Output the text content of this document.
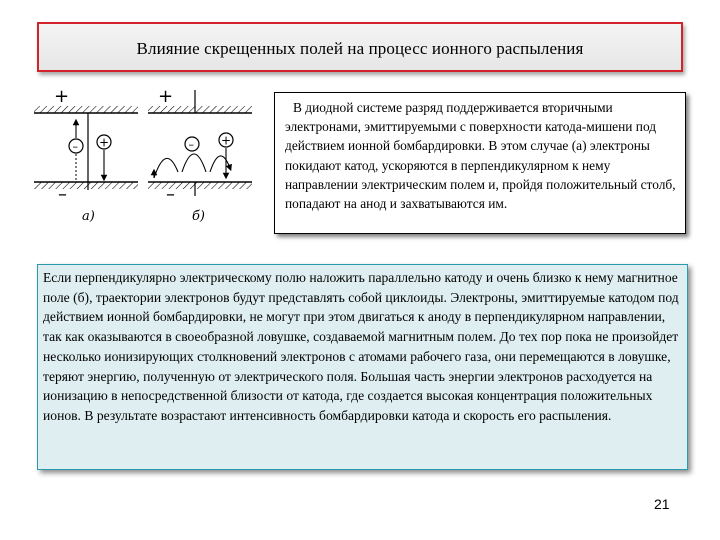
Влияние скрещенных полей на процесс ионного распыления
+
– +
–
a)
+
– +
–
б)

В диодной системе разряд поддерживается вторичными электронами, эмиттируемыми с поверхности катода-мишени под действием ионной бомбардировки. В этом случае (а) электроны покидают катод, ускоряются в перпендикулярном к нему направлении электрическим полем и, пройдя положительный столб, попадают на анод и захватываются им.

Если перпендикулярно электрическому полю наложить параллельно катоду и очень близко к нему магнитное поле (б), траектории электронов будут представлять собой циклоиды. Электроны, эмиттируемые катодом под действием ионной бомбардировки, не могут при этом двигаться к аноду в перпендикулярном направлении, так как оказываются в своеобразной ловушке, создаваемой магнитным полем. До тех пор пока не произойдет несколько ионизирующих столкновений электронов с атомами рабочего газа, они перемещаются в ловушке, теряют энергию, полученную от электрического поля. Большая часть энергии электронов расходуется на ионизацию в непосредственной близости от катода, где создается высокая концентрация положительных ионов. В результате возрастают интенсивность бомбардировки катода и скорость его распыления.

21
